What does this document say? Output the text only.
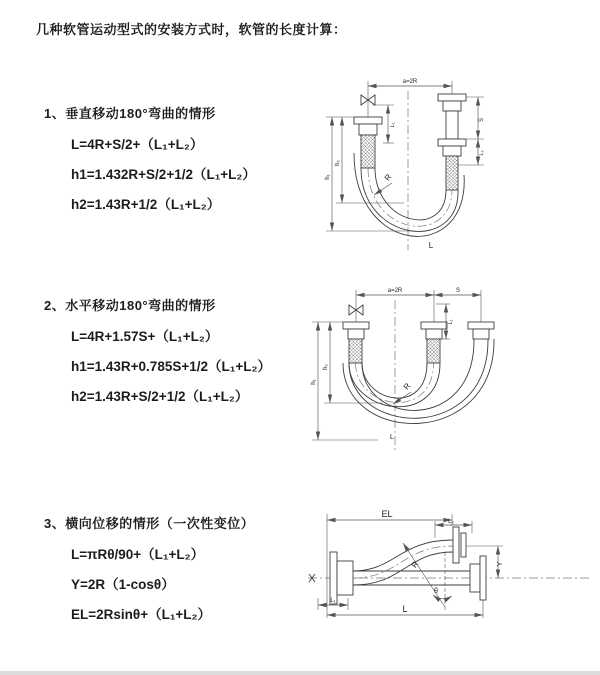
几种软管运动型式的安装方式时，软管的长度计算：
1、垂直移动180°弯曲的情形
L=4R+S/2+（L₁+L₂）
h1=1.432R+S/2+1/2（L₁+L₂）
h2=1.43R+1/2（L₁+L₂）
2、水平移动180°弯曲的情形
L=4R+1.57S+（L₁+L₂）
h1=1.43R+0.785S+1/2（L₁+L₂）
h2=1.43R+S/2+1/2（L₁+L₂）
3、横向位移的情形（一次性变位）
L=πRθ/90+（L₁+L₂）
Y=2R（1-cosθ）
EL=2Rsinθ+（L₁+L₂）
a=2R
h₁
h₂
L₁
S
L₂
R
L
a=2R	S
h₁
h₂
L₁
R
L
EL
L₂
Y
R
θ
L
L₁
